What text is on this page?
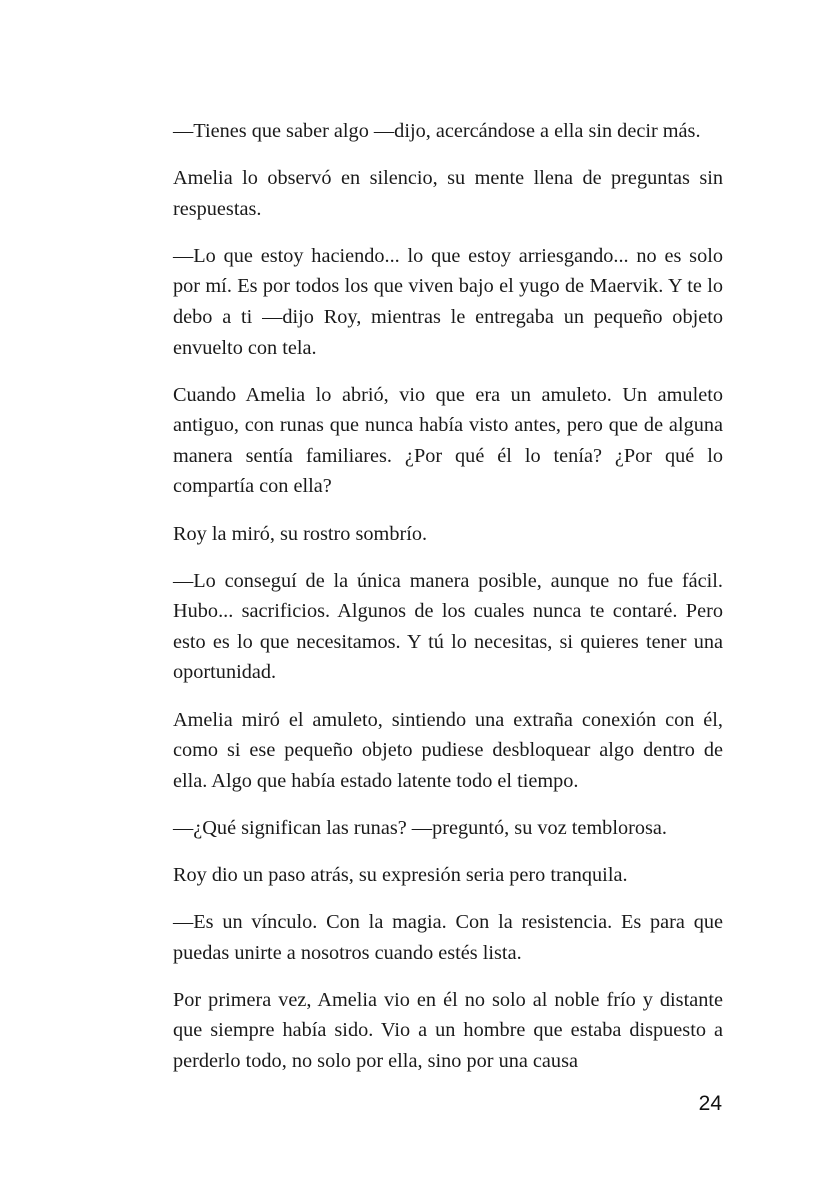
—Tienes que saber algo —dijo, acercándose a ella sin decir más.

Amelia lo observó en silencio, su mente llena de preguntas sin respuestas.

—Lo que estoy haciendo... lo que estoy arriesgando... no es solo por mí. Es por todos los que viven bajo el yugo de Maervik. Y te lo debo a ti —dijo Roy, mientras le entregaba un pequeño objeto envuelto con tela.

Cuando Amelia lo abrió, vio que era un amuleto. Un amuleto antiguo, con runas que nunca había visto antes, pero que de alguna manera sentía familiares. ¿Por qué él lo tenía? ¿Por qué lo compartía con ella?

Roy la miró, su rostro sombrío.

—Lo conseguí de la única manera posible, aunque no fue fácil. Hubo... sacrificios. Algunos de los cuales nunca te contaré. Pero esto es lo que necesitamos. Y tú lo necesitas, si quieres tener una oportunidad.

Amelia miró el amuleto, sintiendo una extraña conexión con él, como si ese pequeño objeto pudiese desbloquear algo dentro de ella. Algo que había estado latente todo el tiempo.

—¿Qué significan las runas? —preguntó, su voz temblorosa.

Roy dio un paso atrás, su expresión seria pero tranquila.

—Es un vínculo. Con la magia. Con la resistencia. Es para que puedas unirte a nosotros cuando estés lista.

Por primera vez, Amelia vio en él no solo al noble frío y distante que siempre había sido. Vio a un hombre que estaba dispuesto a perderlo todo, no solo por ella, sino por una causa

24
